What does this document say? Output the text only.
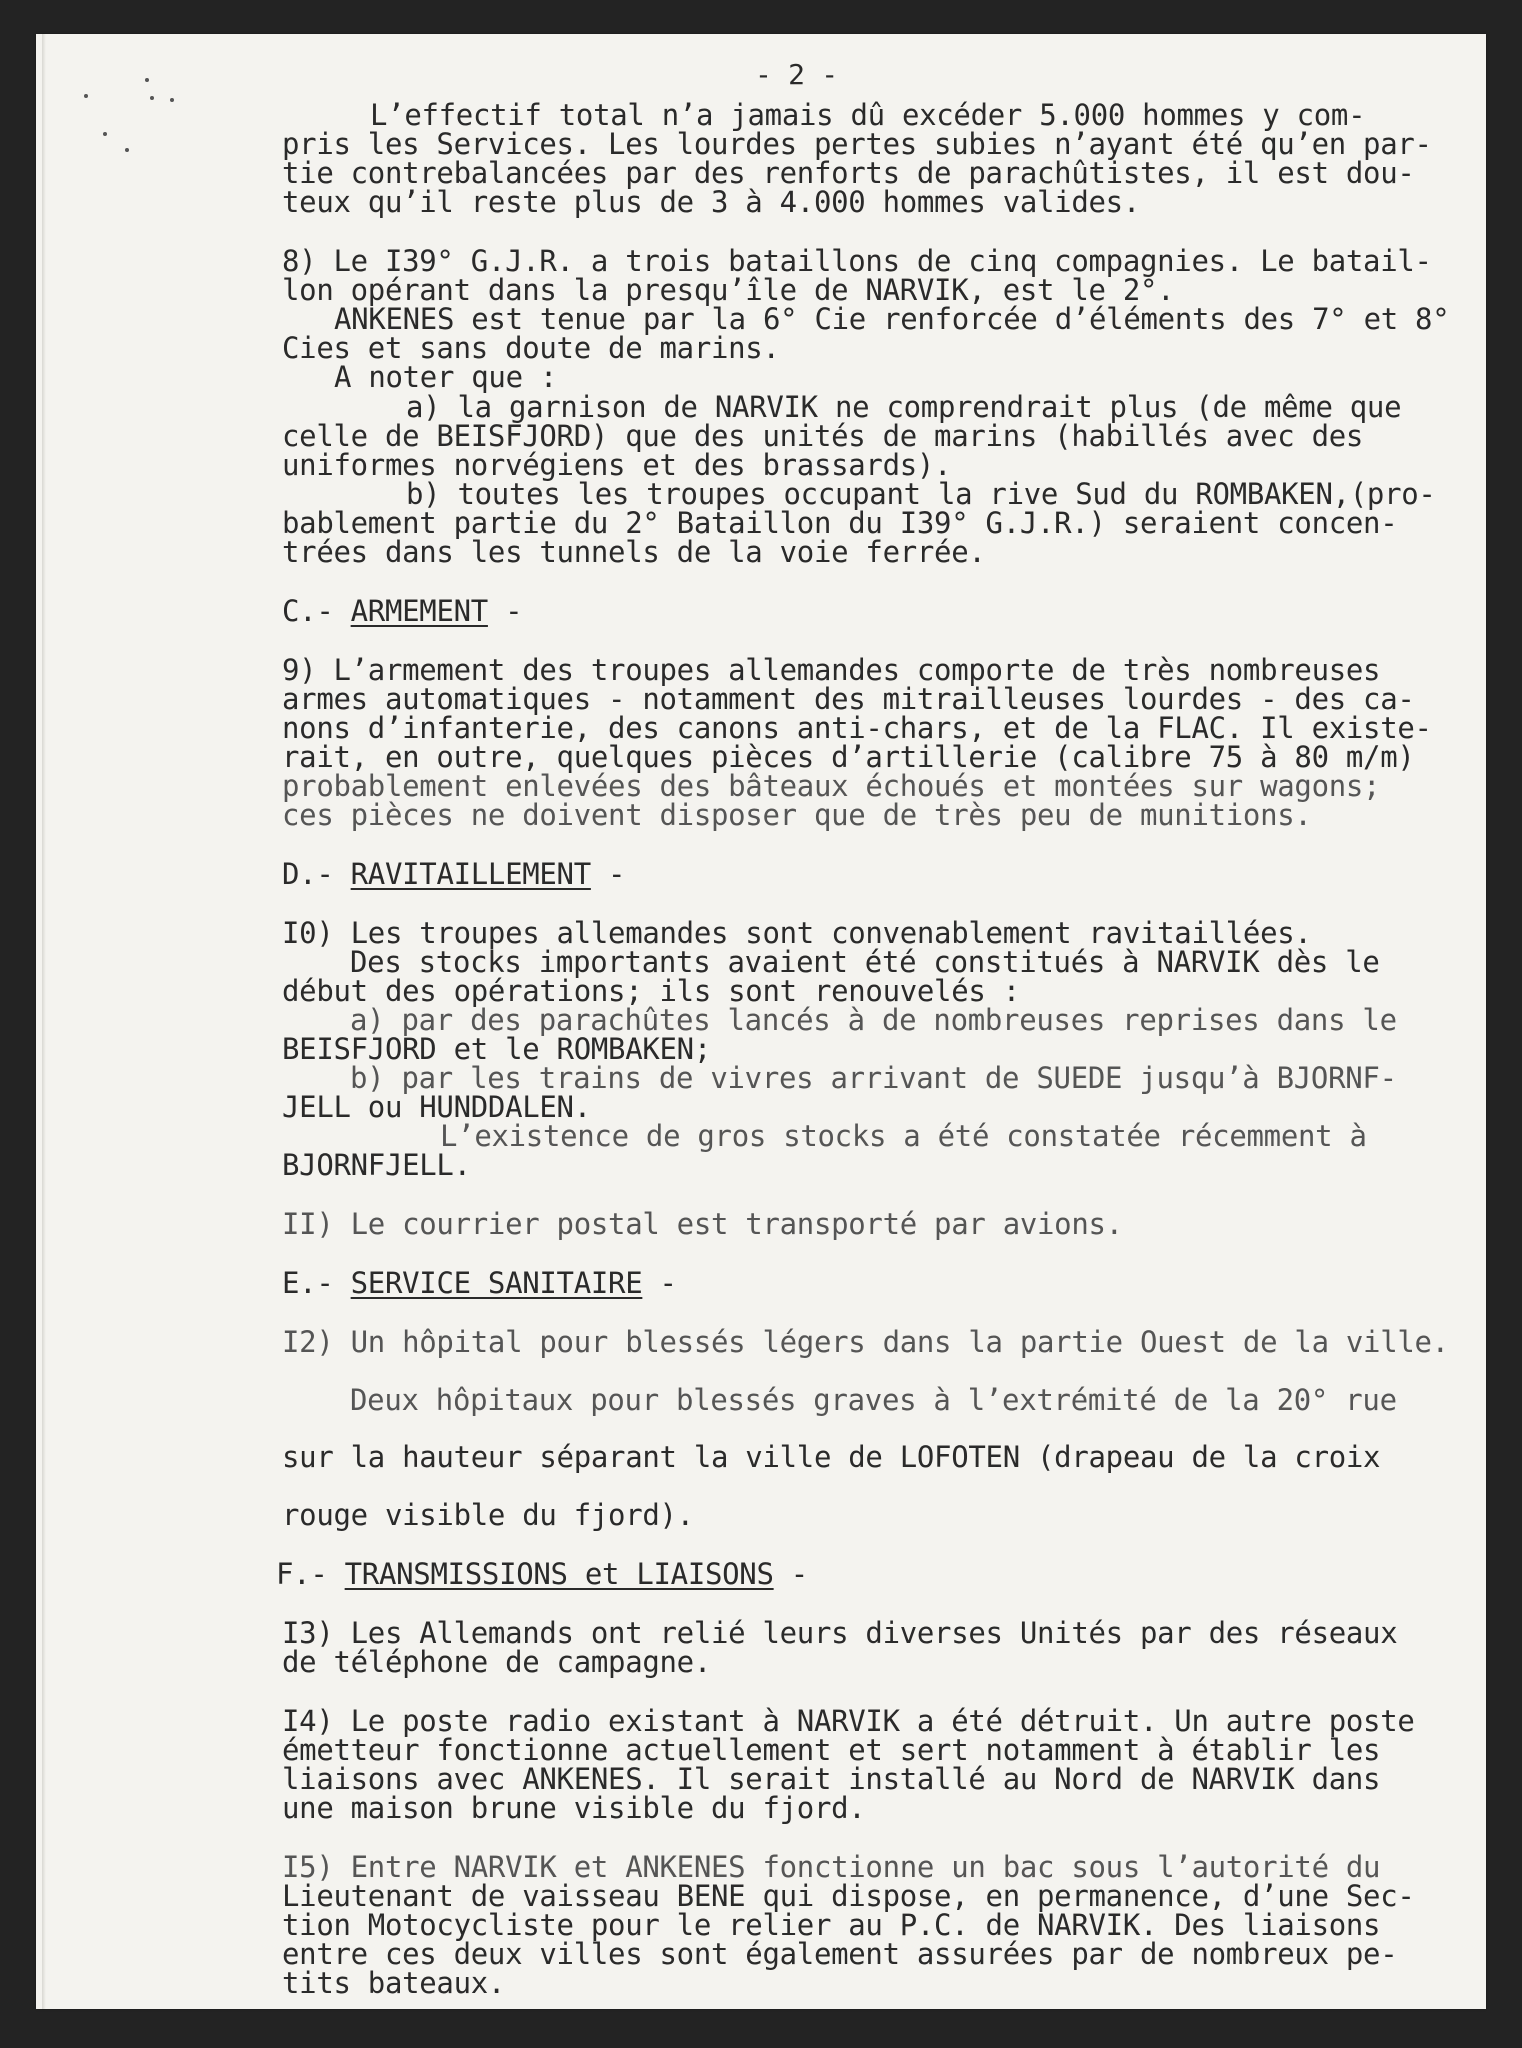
- 2 -
L’effectif total n’a jamais dû excéder 5.000 hommes y com-
pris les Services. Les lourdes pertes subies n’ayant été qu’en par-
tie contrebalancées par des renforts de parachûtistes, il est dou-
teux qu’il reste plus de 3 à 4.000 hommes valides.
8) Le I39° G.J.R. a trois bataillons de cinq compagnies. Le batail-
lon opérant dans la presqu’île de NARVIK, est le 2°.
ANKENES est tenue par la 6° Cie renforcée d’éléments des 7° et 8°
Cies et sans doute de marins.
A noter que :
a) la garnison de NARVIK ne comprendrait plus (de même que
celle de BEISFJORD) que des unités de marins (habillés avec des
uniformes norvégiens et des brassards).
b) toutes les troupes occupant la rive Sud du ROMBAKEN,(pro-
bablement partie du 2° Bataillon du I39° G.J.R.) seraient concen-
trées dans les tunnels de la voie ferrée.
C.- ARMEMENT -
9) L’armement des troupes allemandes comporte de très nombreuses
armes automatiques - notamment des mitrailleuses lourdes - des ca-
nons d’infanterie, des canons anti-chars, et de la FLAC. Il existe-
rait, en outre, quelques pièces d’artillerie (calibre 75 à 80 m/m)
probablement enlevées des bâteaux échoués et montées sur wagons;
ces pièces ne doivent disposer que de très peu de munitions.
D.- RAVITAILLEMENT -
I0) Les troupes allemandes sont convenablement ravitaillées.
Des stocks importants avaient été constitués à NARVIK dès le
début des opérations; ils sont renouvelés :
a) par des parachûtes lancés à de nombreuses reprises dans le
BEISFJORD et le ROMBAKEN;
b) par les trains de vivres arrivant de SUEDE jusqu’à BJORNF-
JELL ou HUNDDALEN.
L’existence de gros stocks a été constatée récemment à
BJORNFJELL.
II) Le courrier postal est transporté par avions.
E.- SERVICE SANITAIRE -
I2) Un hôpital pour blessés légers dans la partie Ouest de la ville.
Deux hôpitaux pour blessés graves à l’extrémité de la 20° rue
sur la hauteur séparant la ville de LOFOTEN (drapeau de la croix
rouge visible du fjord).
F.- TRANSMISSIONS et LIAISONS -
I3) Les Allemands ont relié leurs diverses Unités par des réseaux
de téléphone de campagne.
I4) Le poste radio existant à NARVIK a été détruit. Un autre poste
émetteur fonctionne actuellement et sert notamment à établir les
liaisons avec ANKENES. Il serait installé au Nord de NARVIK dans
une maison brune visible du fjord.
I5) Entre NARVIK et ANKENES fonctionne un bac sous l’autorité du
Lieutenant de vaisseau BENE qui dispose, en permanence, d’une Sec-
tion Motocycliste pour le relier au P.C. de NARVIK. Des liaisons
entre ces deux villes sont également assurées par de nombreux pe-
tits bateaux.
